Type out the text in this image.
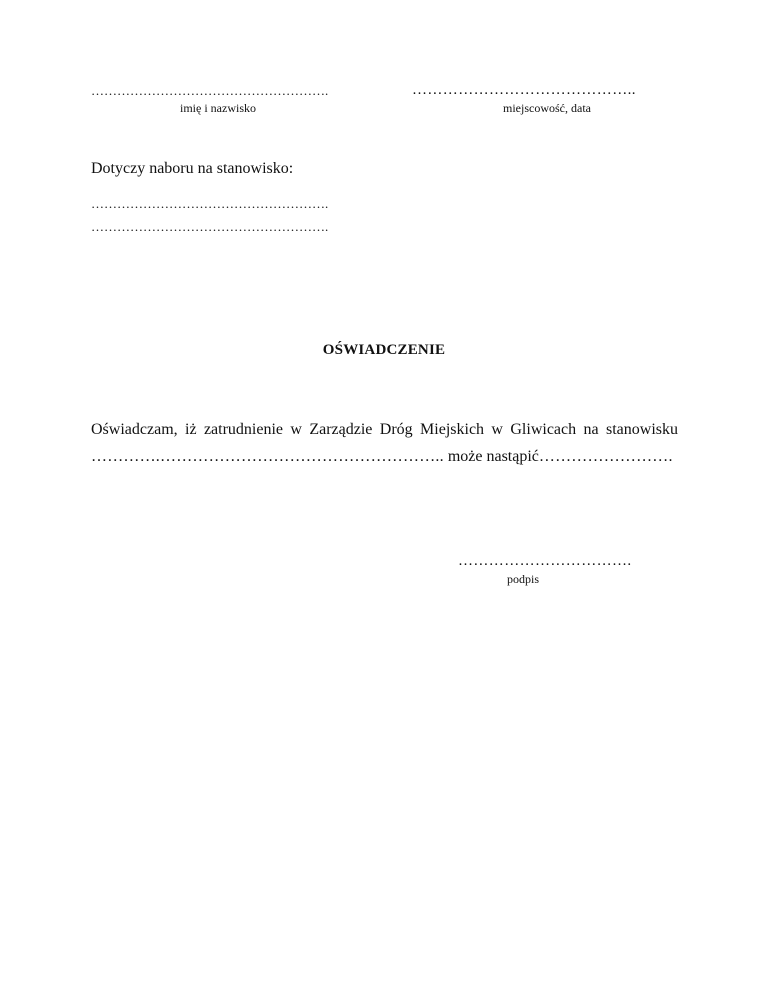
……………………………………………….
imię i nazwisko
……………………………………..
miejscowość, data
Dotyczy naboru na stanowisko:
……………………………………………….
……………………………………………….
OŚWIADCZENIE
Oświadczam, iż zatrudnienie w Zarządzie Dróg Miejskich w Gliwicach na stanowisku
………….…………………………………………….. może nastąpić…………………….
…………………………….
podpis
